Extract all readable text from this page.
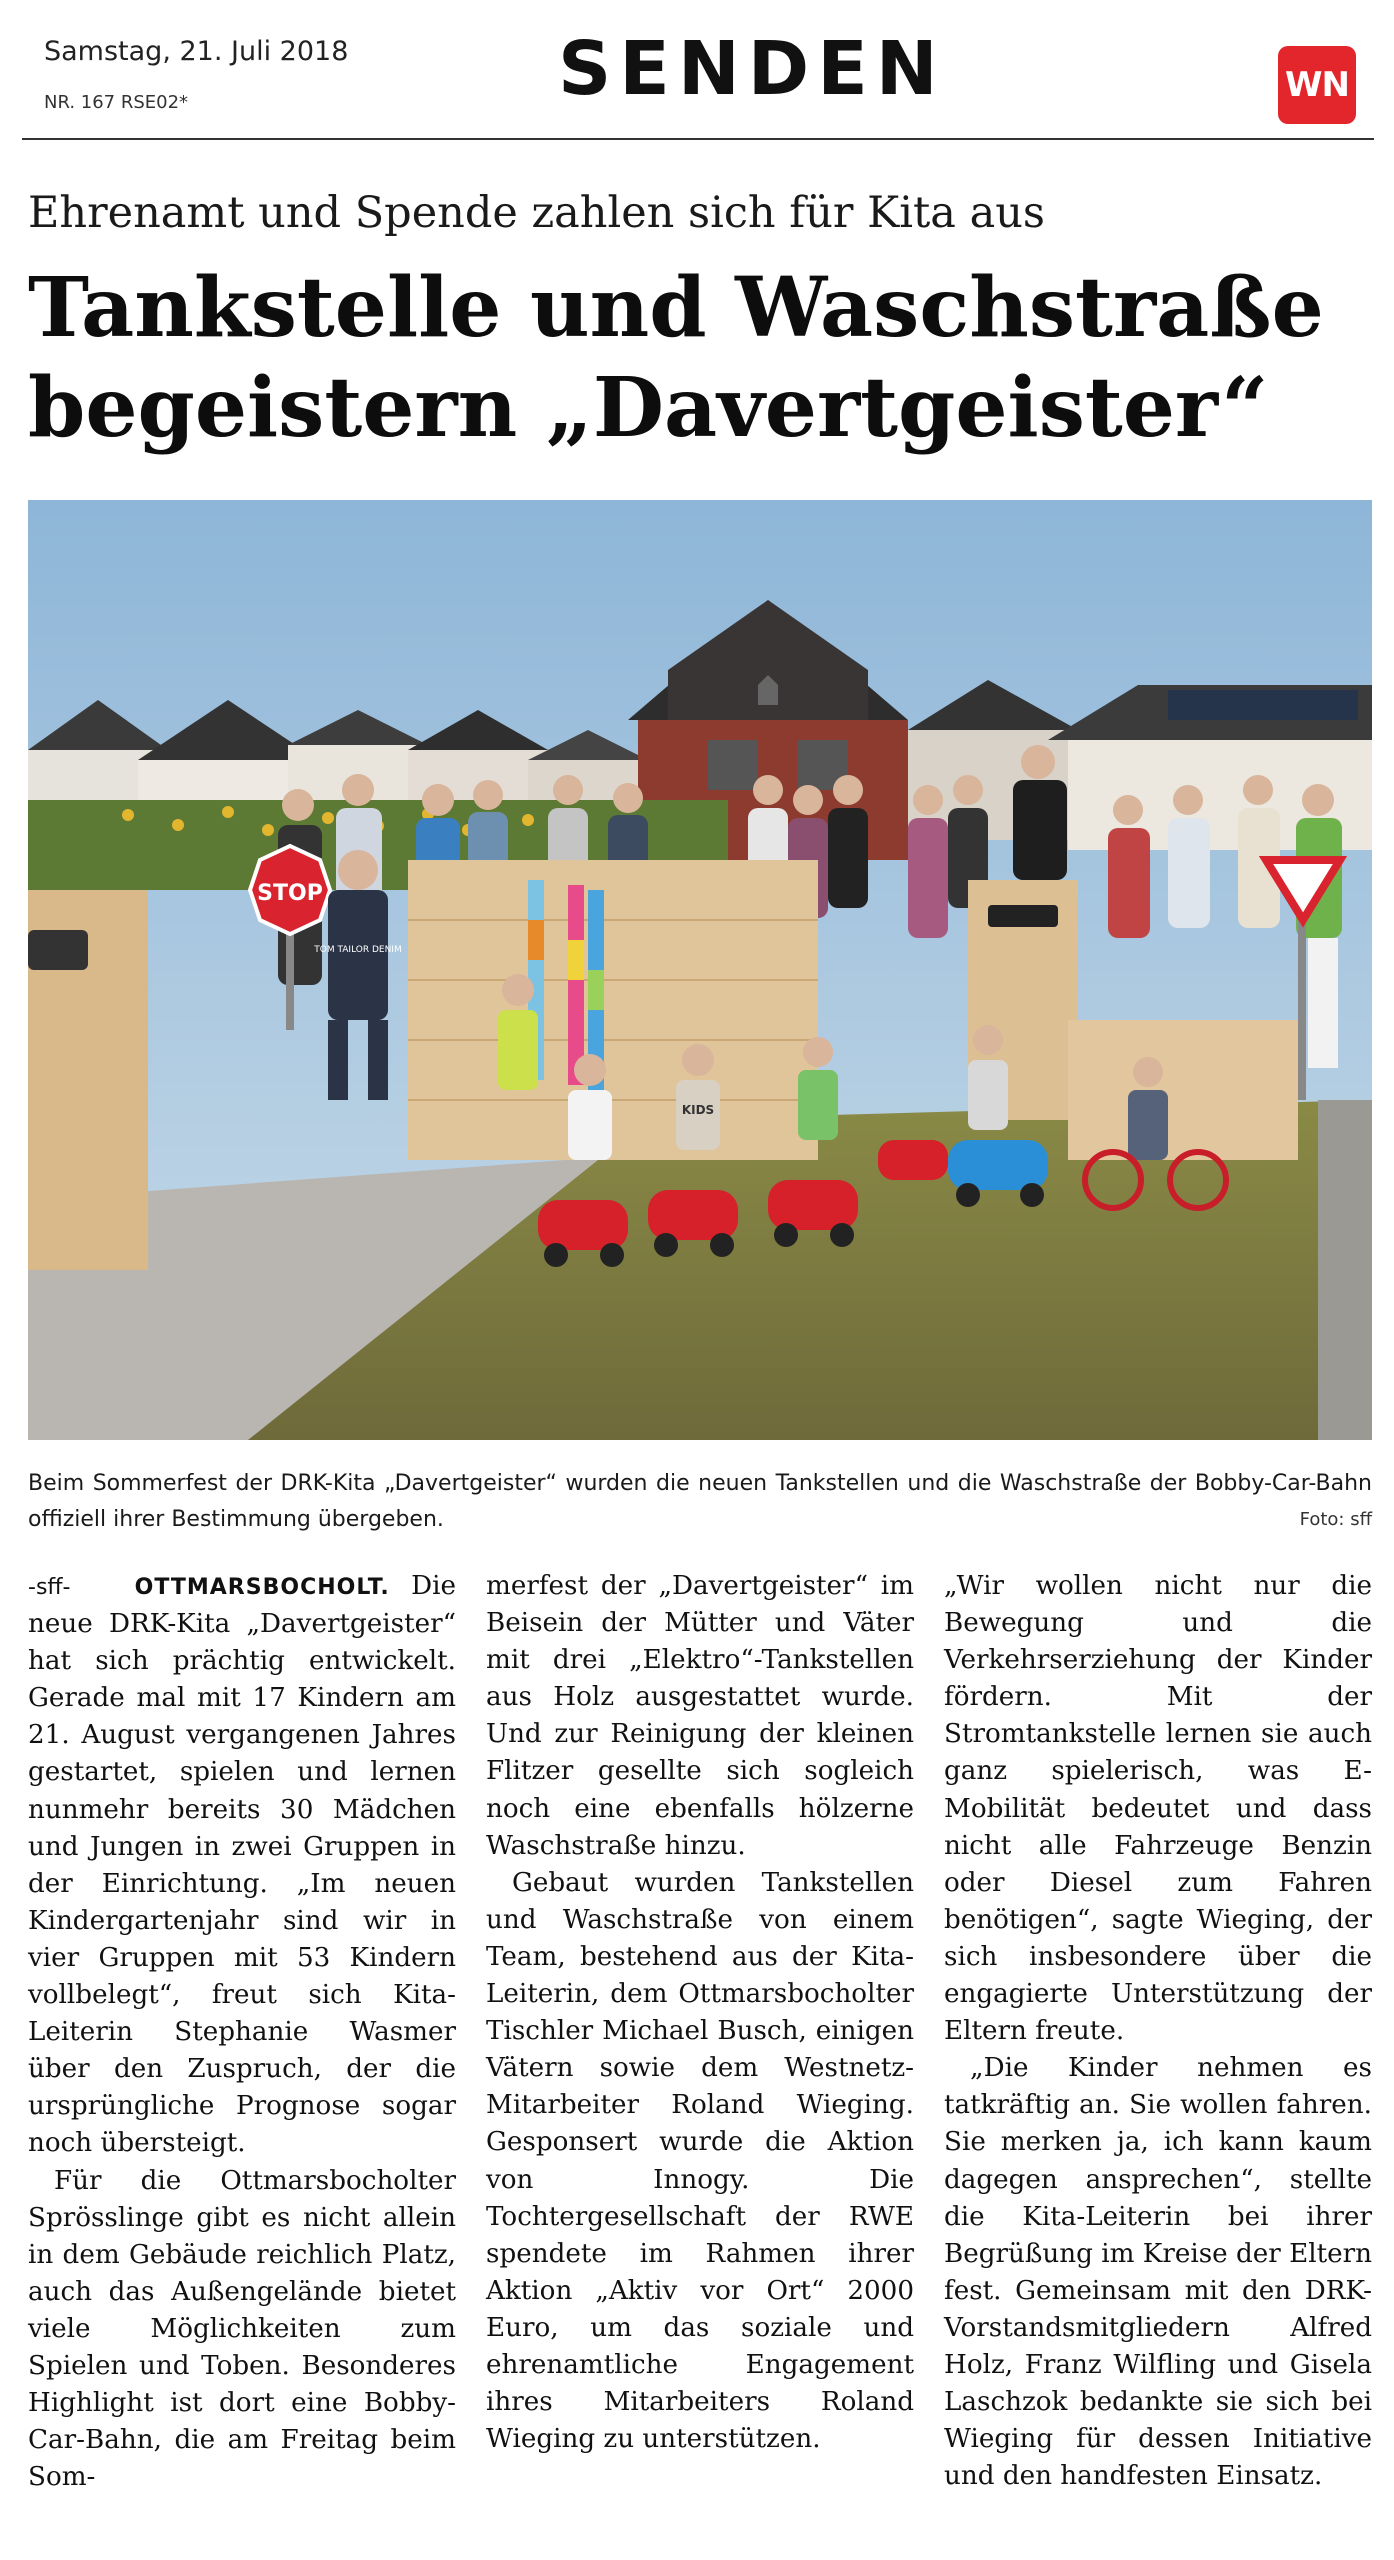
Samstag, 21. Juli 2018
NR. 167 RSE02*	SENDEN	WN
Ehrenamt und Spende zahlen sich für Kita aus
Tankstelle und Waschstraße
begeistern „Davertgeister“
STOP
TOM TAILOR DENIM
KIDS

Beim Sommerfest der DRK-Kita „Davertgeister“ wurden die neuen Tankstellen und die Waschstraße der Bobby-Car-Bahn offiziell ihrer Bestimmung übergeben.	Foto: sff

-sff-	OTTMARSBOCHOLT. Die neue DRK-Kita „Davertgeister“ hat sich prächtig entwickelt. Gerade mal mit 17 Kindern am 21. August vergangenen Jahres gestartet, spielen und lernen nunmehr bereits 30 Mädchen und Jungen in zwei Gruppen in der Einrichtung. „Im neuen Kindergartenjahr sind wir in vier Gruppen mit 53 Kindern vollbelegt“, freut sich Kita-Leiterin Stephanie Wasmer über den Zuspruch, der die ursprüngliche Prognose sogar noch übersteigt.

Für die Ottmarsbocholter Sprösslinge gibt es nicht allein in dem Gebäude reichlich Platz, auch das Außengelände bietet viele Möglichkeiten zum Spielen und Toben. Besonderes Highlight ist dort eine Bobby-Car-Bahn, die am Freitag beim Som-

merfest der „Davertgeister“ im Beisein der Mütter und Väter mit drei „Elektro“-Tankstellen aus Holz ausgestattet wurde. Und zur Reinigung der kleinen Flitzer gesellte sich sogleich noch eine ebenfalls hölzerne Waschstraße hinzu.

Gebaut wurden Tankstellen und Waschstraße von einem Team, bestehend aus der Kita-Leiterin, dem Ottmarsbocholter Tischler Michael Busch, einigen Vätern sowie dem Westnetz-Mitarbeiter Roland Wieging. Gesponsert wurde die Aktion von Innogy. Die Tochtergesellschaft der RWE spendete im Rahmen ihrer Aktion „Aktiv vor Ort“ 2000 Euro, um das soziale und ehrenamtliche Engagement ihres Mitarbeiters Roland Wieging zu unterstützen.

„Wir wollen nicht nur die Bewegung und die Verkehrserziehung der Kinder fördern. Mit der Stromtankstelle lernen sie auch ganz spielerisch, was E-Mobilität bedeutet und dass nicht alle Fahrzeuge Benzin oder Diesel zum Fahren benötigen“, sagte Wieging, der sich insbesondere über die engagierte Unterstützung der Eltern freute.

„Die Kinder nehmen es tatkräftig an. Sie wollen fahren. Sie merken ja, ich kann kaum dagegen ansprechen“, stellte die Kita-Leiterin bei ihrer Begrüßung im Kreise der Eltern fest. Gemeinsam mit den DRK-Vorstandsmitgliedern Alfred Holz, Franz Wilfling und Gisela Laschzok bedankte sie sich bei Wieging für dessen Initiative und den handfesten Einsatz.
